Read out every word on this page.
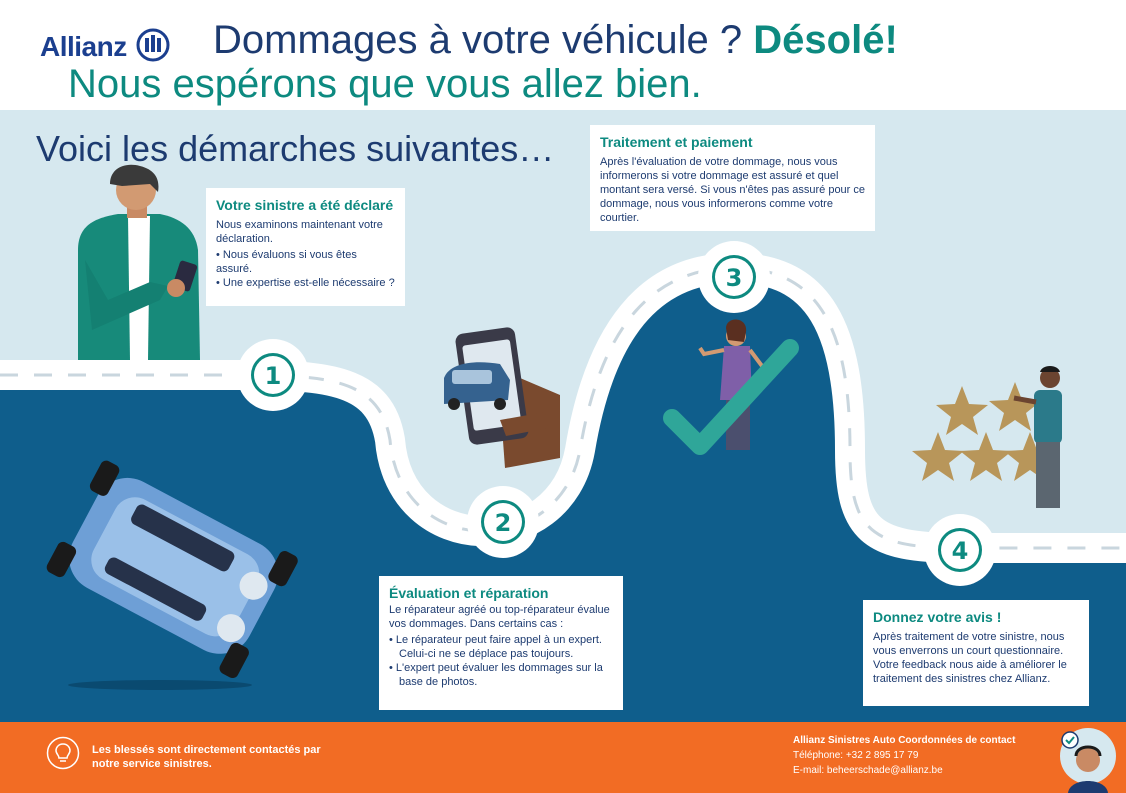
1
2
3
4
Allianz	Dommages à votre véhicule ? Désolé!
Nous espérons que vous allez bien.
Voici les démarches suivantes…
Votre sinistre a été déclaré

Nous examinons maintenant votre déclaration.

• Nous évaluons si vous êtes assuré.
• Une expertise est-elle nécessaire ?
Évaluation et réparation

Le réparateur agréé ou top-réparateur évalue vos dommages. Dans certains cas :

• Le réparateur peut faire appel à un expert. Celui-ci ne se déplace pas toujours.
• L'expert peut évaluer les dommages sur la base de photos.
Traitement et paiement

Après l'évaluation de votre dommage, nous vous informerons si votre dommage est assuré et quel montant sera versé. Si vous n'êtes pas assuré pour ce dommage, nous vous informerons comme votre courtier.

Donnez votre avis !

Après traitement de votre sinistre, nous vous enverrons un court questionnaire. Votre feedback nous aide à améliorer le traitement des sinistres chez Allianz.

Les blessés sont directement contactés par notre service sinistres.
Allianz Sinistres Auto Coordonnées de contact
Téléphone: +32 2 895 17 79
E-mail: beheerschade@allianz.be
